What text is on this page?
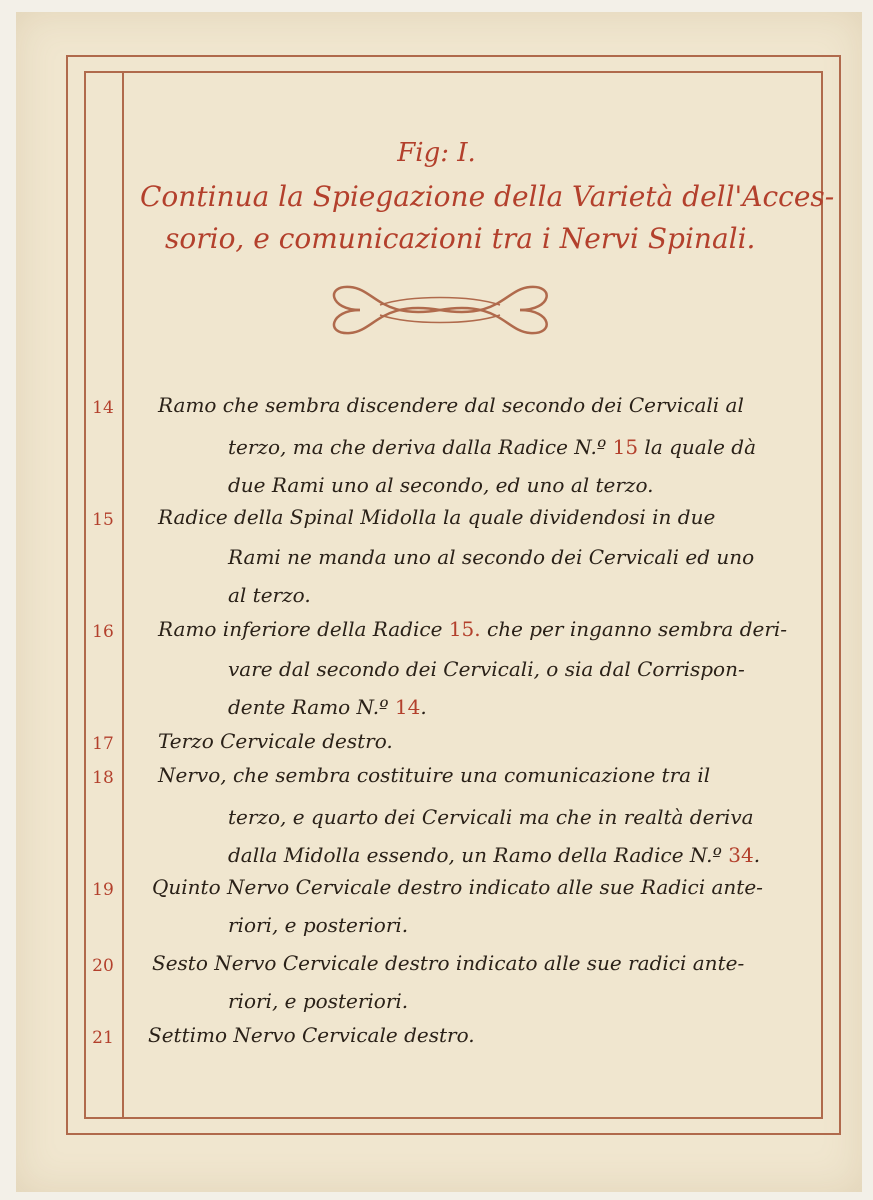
Fig: I.
Continua la Spiegazione della Varietà dell'Acces-
sorio, e comunicazioni tra i Nervi Spinali.
14	Ramo che sembra discendere dal secondo dei Cervicali al
terzo, ma che deriva dalla Radice N.º 15 la quale dà
due Rami uno al secondo, ed uno al terzo.
15	Radice della Spinal Midolla la quale dividendosi in due
Rami ne manda uno al secondo dei Cervicali ed uno
al terzo.
16	Ramo inferiore della Radice 15. che per inganno sembra deri-
vare dal secondo dei Cervicali, o sia dal Corrispon-
dente Ramo N.º 14.
17	Terzo Cervicale destro.
18	Nervo, che sembra costituire una comunicazione tra il
terzo, e quarto dei Cervicali ma che in realtà deriva
dalla Midolla essendo, un Ramo della Radice N.º 34.
19	Quinto Nervo Cervicale destro indicato alle sue Radici ante-
riori, e posteriori.
20	Sesto Nervo Cervicale destro indicato alle sue radici ante-
riori, e posteriori.
21	Settimo Nervo Cervicale destro.
